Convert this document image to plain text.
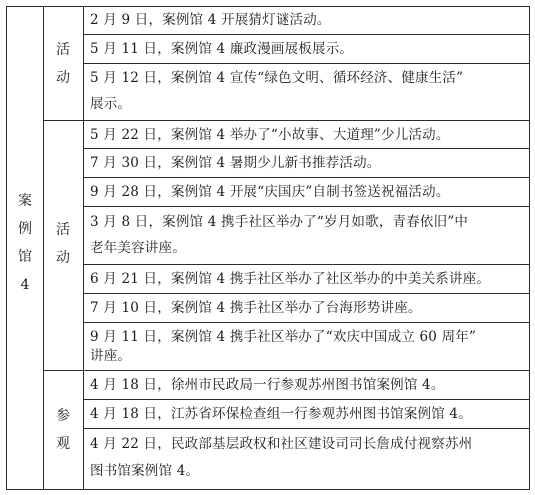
案
例
馆
4
活
动
活
动
参
观
2 月 9 日，案例馆 4 开展猜灯谜活动。
5 月 11 日，案例馆 4 廉政漫画展板展示。
5 月 12 日，案例馆 4 宣传“绿色文明、循环经济、健康生活”
展示。
5 月 22 日，案例馆 4 举办了“小故事、大道理”少儿活动。
7 月 30 日，案例馆 4 暑期少儿新书推荐活动。
9 月 28 日，案例馆 4 开展“庆国庆”自制书签送祝福活动。
3 月 8 日，案例馆 4 携手社区举办了“岁月如歌，青春依旧”中
老年美容讲座。
6 月 21 日，案例馆 4 携手社区举办了社区举办的中美关系讲座。
7 月 10 日，案例馆 4 携手社区举办了台海形势讲座。
9 月 11 日，案例馆 4 携手社区举办了“欢庆中国成立 60 周年”
讲座。
4 月 18 日，徐州市民政局一行参观苏州图书馆案例馆 4。
4 月 18 日，江苏省环保检查组一行参观苏州图书馆案例馆 4。
4 月 22 日，民政部基层政权和社区建设司司长詹成付视察苏州
图书馆案例馆 4。
